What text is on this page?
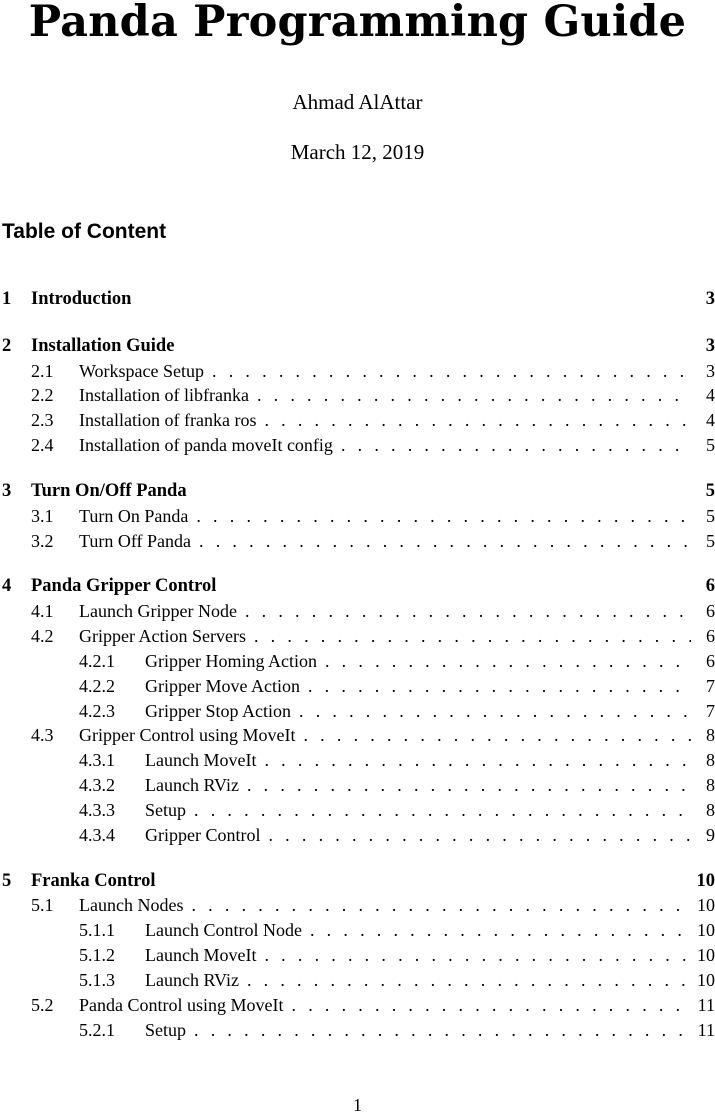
Panda Programming Guide
Ahmad AlAttar
March 12, 2019
Table of Content
1	Introduction	3
2	Installation Guide	3
2.1	Workspace Setup . . .	3
2.2	Installation of libfranka . . .	4
2.3	Installation of franka ros . . .	4
2.4	Installation of panda moveIt config . . .	5
3	Turn On/Off Panda	5
3.1	Turn On Panda . . .	5
3.2	Turn Off Panda . . .	5
4	Panda Gripper Control	6
4.1	Launch Gripper Node . . .	6
4.2	Gripper Action Servers . . .	6
4.2.1	Gripper Homing Action . . .	6
4.2.2	Gripper Move Action . . .	7
4.2.3	Gripper Stop Action . . .	7
4.3	Gripper Control using MoveIt . . .	8
4.3.1	Launch MoveIt . . .	8
4.3.2	Launch RViz . . .	8
4.3.3	Setup . . .	8
4.3.4	Gripper Control . . .	9
5	Franka Control	10
5.1	Launch Nodes . . .	10
5.1.1	Launch Control Node . . .	10
5.1.2	Launch MoveIt . . .	10
5.1.3	Launch RViz . . .	10
5.2	Panda Control using MoveIt . . .	11
5.2.1	Setup . . .	11
1
